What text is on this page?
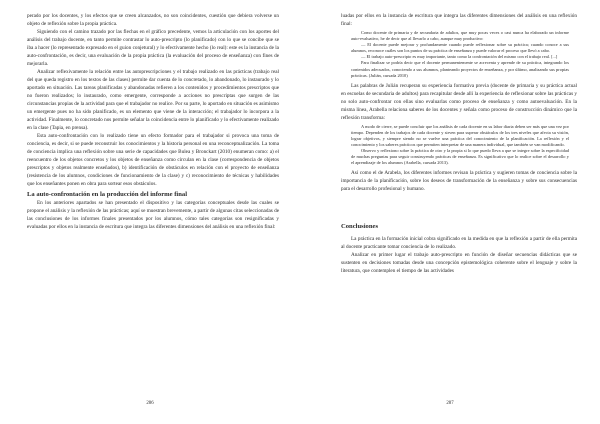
perado por los docentes, y los efectos que se creen alcanzados, no son coincidentes, cuestión que debiera volverse un objeto de reflexión sobre la propia práctica.

Siguiendo con el camino trazado por las flechas en el gráfico precedente, vemos la articulación con los aportes del análisis del trabajo docente, en tanto permite contrastar lo auto-prescripto (lo planificado) con lo que se concibe que se iba a hacer (lo representado expresado en el guion conjetural) y lo efectivamente hecho (lo real): este es la instancia de la auto-confrontación, es decir, una evaluación de la propia práctica (la evaluación del proceso de enseñanza) con fines de mejorarla.

Analizar reflexivamente la relación entre las autoprescripciones y el trabajo realizado en las prácticas (trabajo real del que queda registro en los textos de las clases) permite dar cuenta de lo concretado, lo abandonado, lo instaurado y lo aportado en situación. Las tareas planificadas y abandonadas refieren a los contenidos y procedimientos prescriptos que no fueron realizados; lo instaurado, como emergente, corresponde a acciones no prescriptas que surgen de las circunstancias propias de la actividad para que el trabajador no realice. Por su parte, lo aportado en situación es asimismo un emergente pues no ha sido planificado, es un elemento que viene de la interacción; el trabajador lo incorpora a la actividad. Finalmente, lo concretado nos permite señalar la coincidencia entre lo planificado y lo efectivamente realizado en la clase (Tapia, en prensa).

Esta auto-confrontación con lo realizado tiene un efecto formador para el trabajador si provoca una toma de conciencia, es decir, si se puede reconstruir los conocimientos y la historia personal en una reconceptualización. La toma de conciencia implica una reflexión sobre una serie de capacidades que Bulea y Bronckart (2010) enumeran como: a) el reencuentro de los objetos concretos y los objetos de enseñanza como circulan en la clase (correspondencia de objetos prescriptos y objetos realmente enseñados), b) identificación de obstáculos en relación con el proyecto de enseñanza (resistencia de los alumnos, condiciones de funcionamiento de la clase) y c) reconocimiento de técnicas y habilidades que los enseñantes ponen en obra para sortear esos obstáculos.

La auto-confrontación en la producción del informe final

En los anteriores apartados se han presentado el dispositivo y las categorías conceptuales desde las cuales se propone el análisis y la reflexión de las prácticas; aquí se muestran brevemente, a partir de algunas citas seleccionadas de las conclusiones de los informes finales presentados por los alumnos, cómo tales categorías son resignificadas y evaluadas por ellos en la instancia de escritura que integra las diferentes dimensiones del análisis en una reflexión final:

286

luadas por ellos en la instancia de escritura que integra las diferentes dimensiones del análisis en una reflexión final:

Como docente de primaria y de secundaria de adultos, que muy pocas veces o casi nunca ha elaborado un informe auto-evaluativo, he de decir que al llevarlo a cabo, aunque muy productivo:

— El docente puede mejorar y profundamente cuando puede reflexionar sobre su práctica; cuando conoce a sus alumnos, reconoce cuáles son los puntos de su práctica de enseñanza y puede valorar el proceso que llevó a cabo.

— El trabajo auto-prescripto es muy importante, tanto como la confrontación del mismo con el trabajo real. [...]

Para finalizar se podría decir que el docente permanentemente se acrecenta y aprende de su práctica, integrando los contenidos adecuados, conociendo a sus alumnos, planteando proyectos de enseñanza, y por último, analizando sus propias prácticas. (Julián, cursada 2010)

Las palabras de Julián recuperan su experiencia formativa previa (docente de primaria y su práctica actual en escuelas de secundaria de adultos) para recapitular desde allí la experiencia de reflexionar sobre las prácticas y no solo auto-confrontar con ellas sino evaluarlas como proceso de enseñanza y como autoevaluación. En la misma línea, Arabella relaciona saberes de los docentes y señala como proceso de construcción dinámico que la reflexión transforma:

A modo de cierre, se puede concluir que los análisis de cada docente en su labor diaria deben ser más que una vez por tiempo. Dependen de los trabajos de cada docente y sirven para superar obstáculos de los tres niveles que afecta su visión, lograr objetivos, y siempre siendo no se vuelve una práctica del conocimiento de la planificación. La reflexión y el conocimiento y los saberes prácticos que permiten interpretar de una manera individual, que también se van modificando.

Observo y reflexiono sobre la práctica de otro y la propia si lo que puedo lleva a que se integre sobre la especificidad de muchas preguntas para seguir construyendo prácticas de enseñanza. Es significativo que lo realice sobre el desarrollo y el aprendizaje de los alumnos (Arabella, cursada 2013).

Así como el de Arabela, los diferentes informes revisan la práctica y sugieren tomas de conciencia sobre la importancia de la planificación, sobre los deseos de transformación de la enseñanza y sobre sus consecuencias para el desarrollo profesional y humano.

Conclusiones

La práctica en la formación inicial cobra significado en la medida en que la reflexión a partir de ella permita al docente practicante tomar conciencia de lo realizado.

Analizar en primer lugar el trabajo auto-prescripto en función de diseñar secuencias didácticas que se sustenten en decisiones tomadas desde una concepción epistemológica coherente sobre el lenguaje y sobre la literatura, que contemplen el tiempo de las actividades

287
